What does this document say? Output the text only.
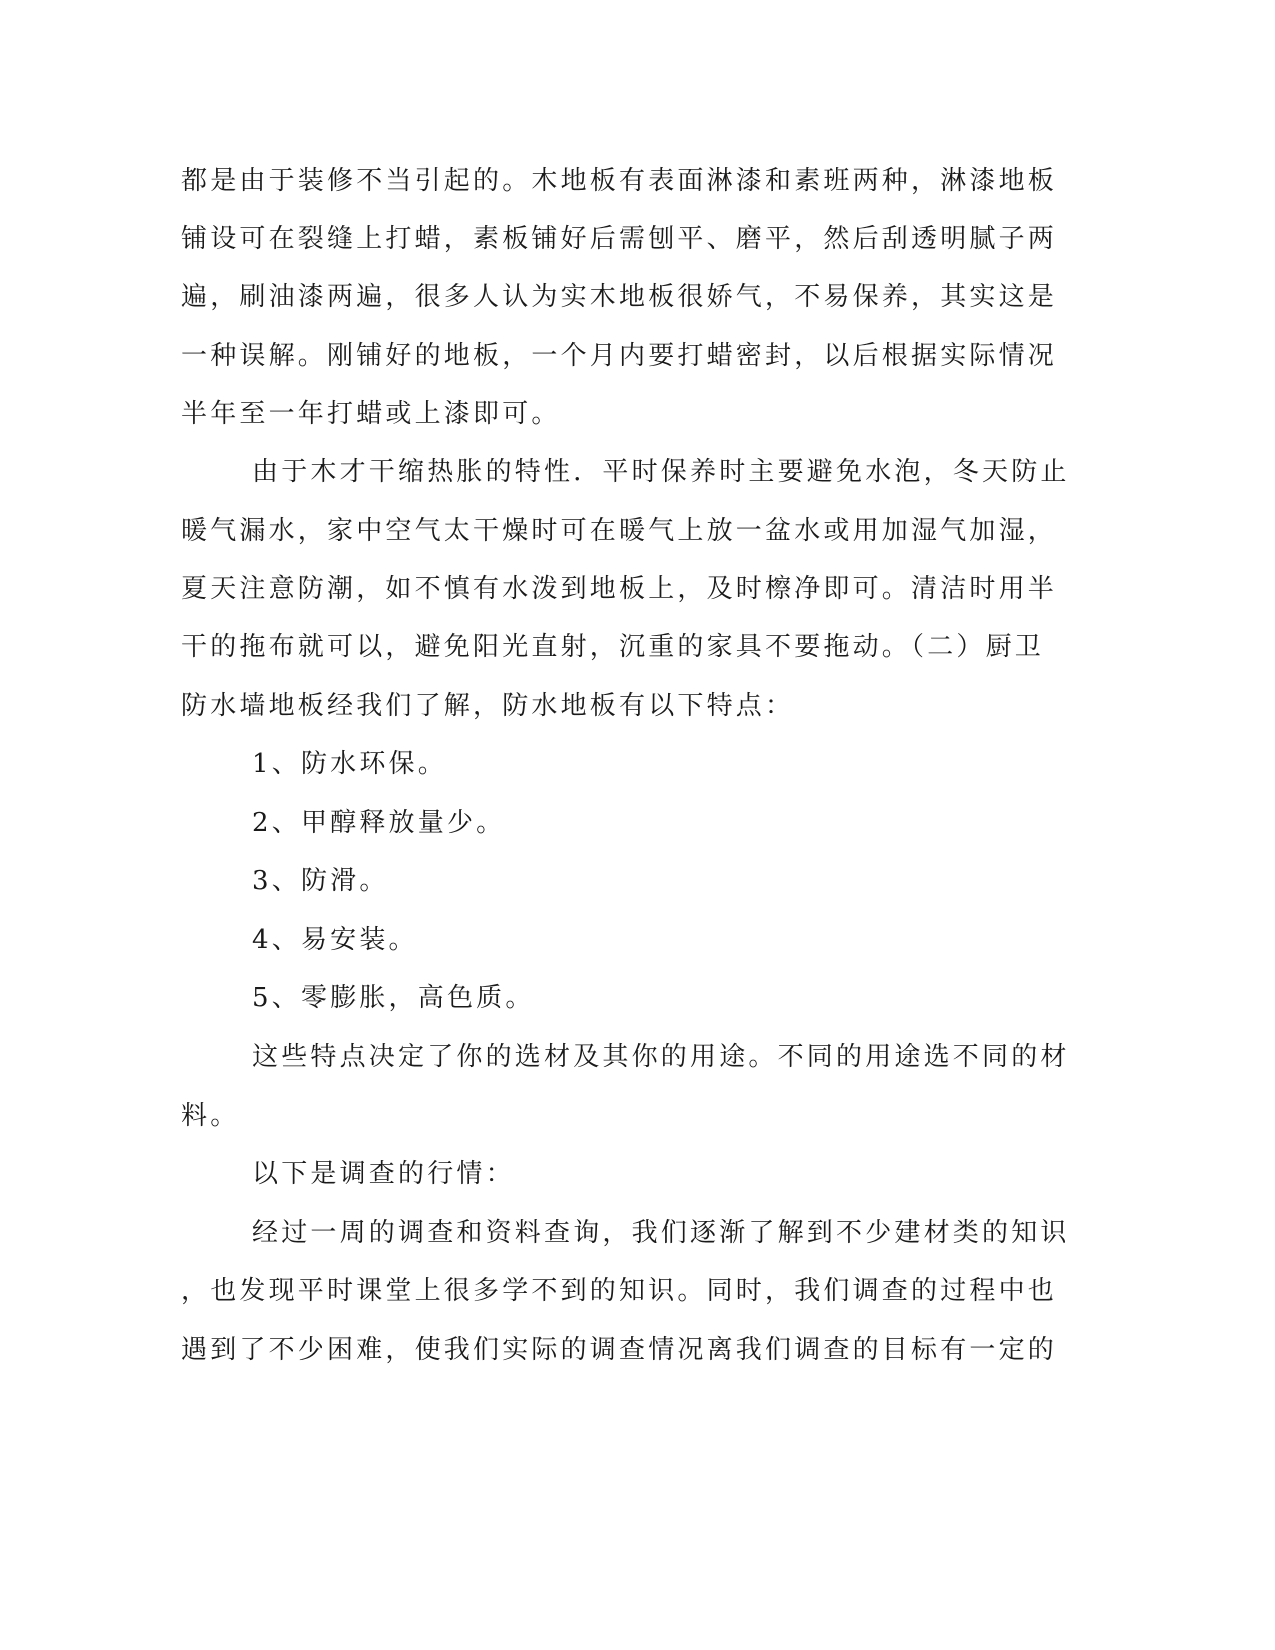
都是由于装修不当引起的。木地板有表面淋漆和素班两种，淋漆地板
铺设可在裂缝上打蜡，素板铺好后需刨平、磨平，然后刮透明腻子两
遍，刷油漆两遍，很多人认为实木地板很娇气，不易保养，其实这是
一种误解。刚铺好的地板，一个月内要打蜡密封，以后根据实际情况
半年至一年打蜡或上漆即可。
由于木才干缩热胀的特性．平时保养时主要避免水泡，冬天防止
暖气漏水，家中空气太干燥时可在暖气上放一盆水或用加湿气加湿，
夏天注意防潮，如不慎有水泼到地板上，及时檫净即可。清洁时用半
干的拖布就可以，避免阳光直射，沉重的家具不要拖动。（二）厨卫
防水墙地板经我们了解，防水地板有以下特点：
1、防水环保。
2、甲醇释放量少。
3、防滑。
4、易安装。
5、零膨胀，高色质。
这些特点决定了你的选材及其你的用途。不同的用途选不同的材
料。
以下是调查的行情：
经过一周的调查和资料查询，我们逐渐了解到不少建材类的知识
，也发现平时课堂上很多学不到的知识。同时，我们调查的过程中也
遇到了不少困难，使我们实际的调查情况离我们调查的目标有一定的
